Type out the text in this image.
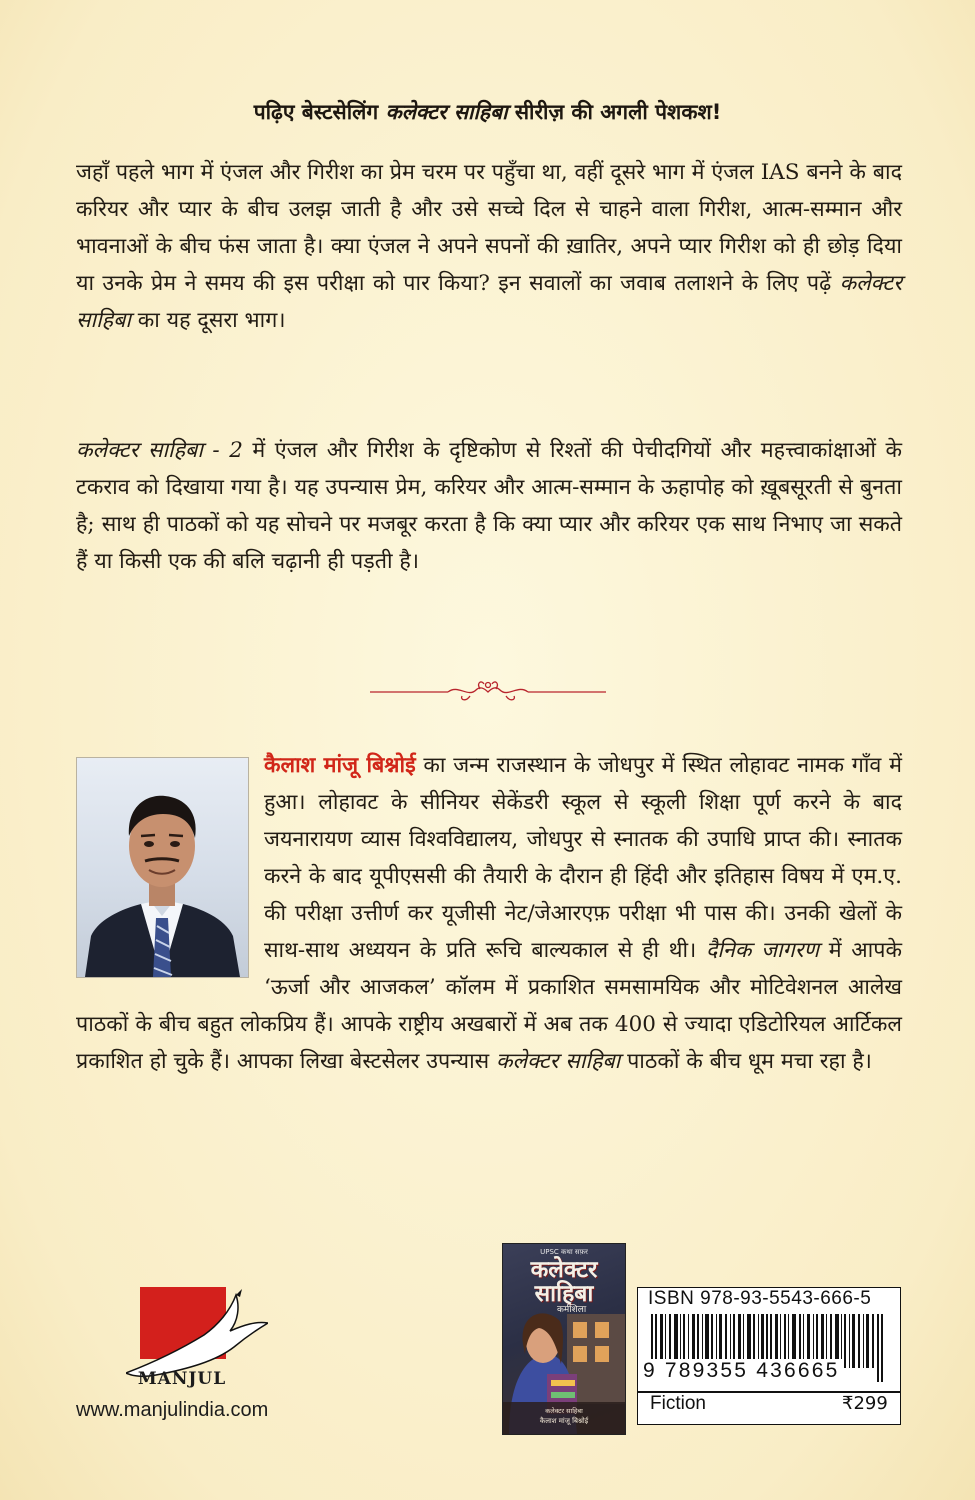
पढ़िए बेस्टसेलिंग कलेक्टर साहिबा सीरीज़ की अगली पेशकश!
जहाँ पहले भाग में एंजल और गिरीश का प्रेम चरम पर पहुँचा था, वहीं दूसरे भाग में एंजल IAS बनने के बाद करियर और प्यार के बीच उलझ जाती है और उसे सच्चे दिल से चाहने वाला गिरीश, आत्म-सम्मान और भावनाओं के बीच फंस जाता है। क्या एंजल ने अपने सपनों की ख़ातिर, अपने प्यार गिरीश को ही छोड़ दिया या उनके प्रेम ने समय की इस परीक्षा को पार किया? इन सवालों का जवाब तलाशने के लिए पढ़ें कलेक्टर साहिबा का यह दूसरा भाग।
कलेक्टर साहिबा - 2 में एंजल और गिरीश के दृष्टिकोण से रिश्तों की पेचीदगियों और महत्त्वाकांक्षाओं के टकराव को दिखाया गया है। यह उपन्यास प्रेम, करियर और आत्म-सम्मान के ऊहापोह को ख़ूबसूरती से बुनता है; साथ ही पाठकों को यह सोचने पर मजबूर करता है कि क्या प्यार और करियर एक साथ निभाए जा सकते हैं या किसी एक की बलि चढ़ानी ही पड़ती है।
कैलाश मांजू बिश्नोई का जन्म राजस्थान के जोधपुर में स्थित लोहावट नामक गाँव में हुआ। लोहावट के सीनियर सेकेंडरी स्कूल से स्कूली शिक्षा पूर्ण करने के बाद जयनारायण व्यास विश्वविद्यालय, जोधपुर से स्नातक की उपाधि प्राप्त की। स्नातक करने के बाद यूपीएससी की तैयारी के दौरान ही हिंदी और इतिहास विषय में एम.ए. की परीक्षा उत्तीर्ण कर यूजीसी नेट/जेआरएफ़ परीक्षा भी पास की। उनकी खेलों के साथ-साथ अध्ययन के प्रति रूचि बाल्यकाल से ही थी। दैनिक जागरण में आपके ‘ऊर्जा और आजकल’ कॉलम में प्रकाशित समसामयिक और मोटिवेशनल आलेख पाठकों के बीच बहुत लोकप्रिय हैं। आपके राष्ट्रीय अखबारों में अब तक 400 से ज्यादा एडिटोरियल आर्टिकल प्रकाशित हो चुके हैं। आपका लिखा बेस्टसेलर उपन्यास कलेक्टर साहिबा पाठकों के बीच धूम मचा रहा है।
MANJUL
www.manjulindia.com
UPSC कथा सफ़र
कलेक्टर
साहिबा
कर्मशिला
कलेक्टर साहिबा
कैलाश मांजू बिश्नोई
ISBN 978-93-5543-666-5
9 789355 436665
Fiction	₹299
